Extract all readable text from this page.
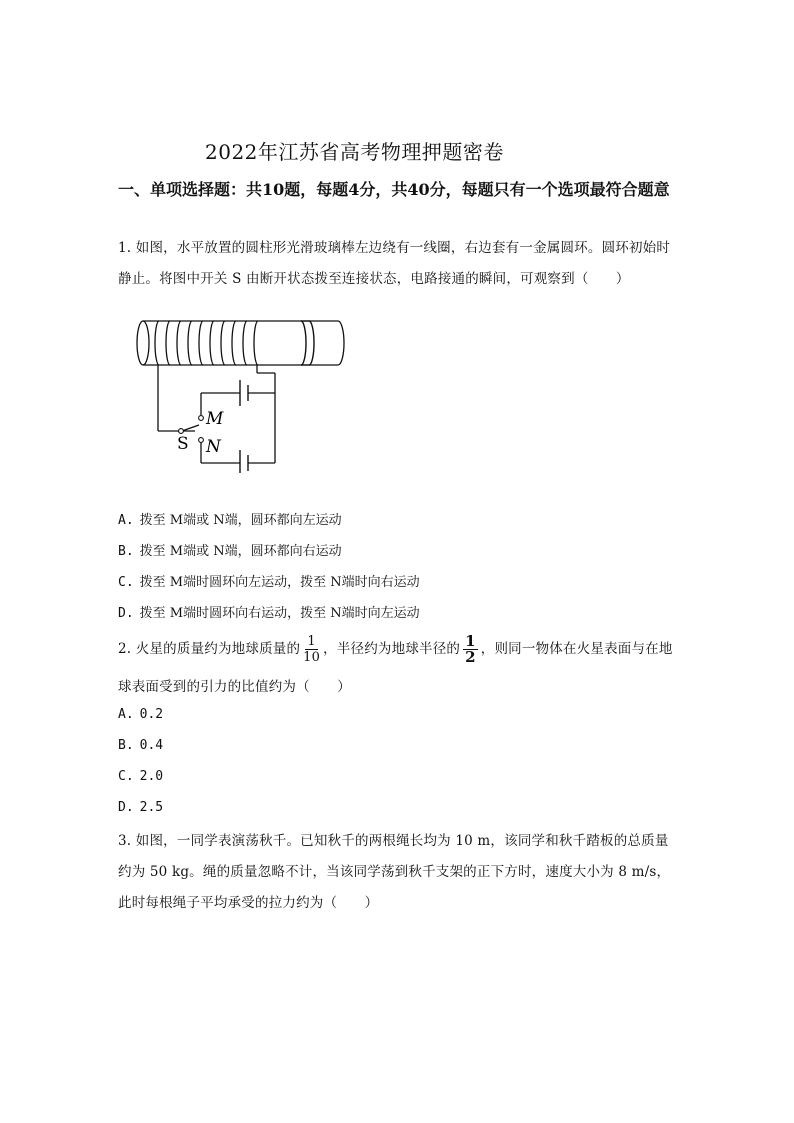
2022年江苏省高考物理押题密卷
一、单项选择题：共10题，每题4分，共40分，每题只有一个选项最符合题意
1. 如图，水平放置的圆柱形光滑玻璃棒左边绕有一线圈，右边套有一金属圆环。圆环初始时静止。将图中开关 S 由断开状态拨至连接状态，电路接通的瞬间，可观察到（　　）
M
N
S
A. 拨至 M端或 N端，圆环都向左运动
B. 拨至 M端或 N端，圆环都向右运动
C. 拨至 M端时圆环向左运动，拨至 N端时向右运动
D. 拨至 M端时圆环向右运动，拨至 N端时向左运动
2. 火星的质量约为地球质量的 $\frac{1}{10}$ ，半径约为地球半径的 $\frac{1}{2}$ ，则同一物体在火星表面与在地球表面受到的引力的比值约为（　　）
A. 0.2
B. 0.4
C. 2.0
D. 2.5
3. 如图，一同学表演荡秋千。已知秋千的两根绳长均为 10 m，该同学和秋千踏板的总质量约为 50 kg。绳的质量忽略不计，当该同学荡到秋千支架的正下方时，速度大小为 8 m/s，此时每根绳子平均承受的拉力约为（　　）
